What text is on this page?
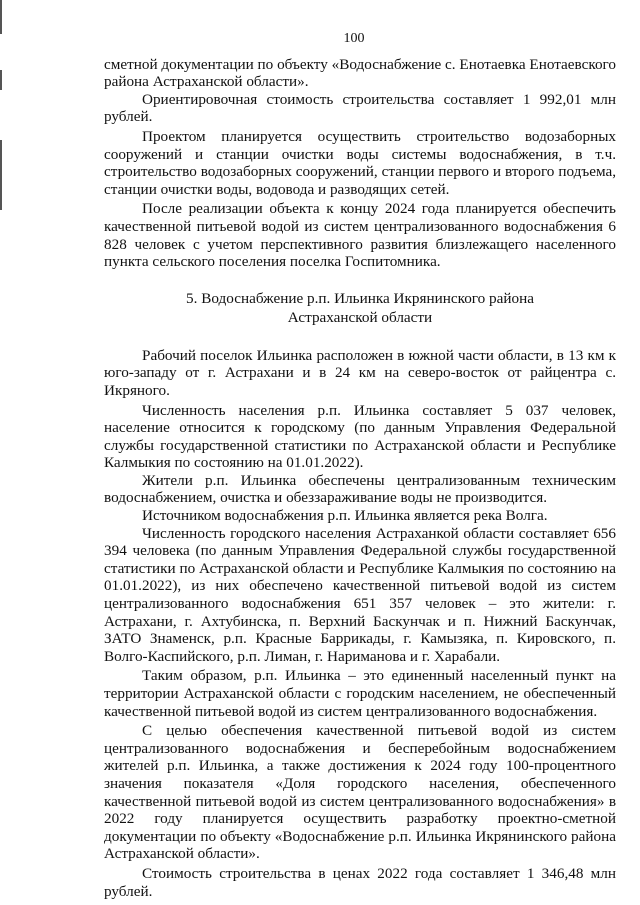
100

сметной документации по объекту «Водоснабжение с. Енотаевка Енотаевского района Астраханской области».

Ориентировочная стоимость строительства составляет 1 992,01 млн рублей.

Проектом планируется осуществить строительство водозаборных сооружений и станции очистки воды системы водоснабжения, в т.ч. строительство водозаборных сооружений, станции первого и второго подъема, станции очистки воды, водовода и разводящих сетей.

После реализации объекта к концу 2024 года планируется обеспечить качественной питьевой водой из систем централизованного водоснабжения 6 828 человек с учетом перспективного развития близлежащего населенного пункта сельского поселения поселка Госпитомника.

5. Водоснабжение р.п. Ильинка Икрянинского района
Астраханской области

Рабочий поселок Ильинка расположен в южной части области, в 13 км к юго-западу от г. Астрахани и в 24 км на северо-восток от райцентра с. Икряного.

Численность населения р.п. Ильинка составляет 5 037 человек, население относится к городскому (по данным Управления Федеральной службы государственной статистики по Астраханской области и Республике Калмыкия по состоянию на 01.01.2022).

Жители р.п. Ильинка обеспечены централизованным техническим водоснабжением, очистка и обеззараживание воды не производится.

Источником водоснабжения р.п. Ильинка является река Волга.

Численность городского населения Астраханкой области составляет 656 394 человека (по данным Управления Федеральной службы государственной статистики по Астраханской области и Республике Калмыкия по состоянию на 01.01.2022), из них обеспечено качественной питьевой водой из систем централизованного водоснабжения 651 357 человек – это жители: г. Астрахани, г. Ахтубинска, п. Верхний Баскунчак и п. Нижний Баскунчак, ЗАТО Знаменск, р.п. Красные Баррикады, г. Камызяка, п. Кировского, п. Волго-Каспийского, р.п. Лиман, г. Нариманова и г. Харабали.

Таким образом, р.п. Ильинка – это единенный населенный пункт на территории Астраханской области с городским населением, не обеспеченный качественной питьевой водой из систем централизованного водоснабжения.

С целью обеспечения качественной питьевой водой из систем централизованного водоснабжения и бесперебойным водоснабжением жителей р.п. Ильинка, а также достижения к 2024 году 100-процентного значения показателя «Доля городского населения, обеспеченного качественной питьевой водой из систем централизованного водоснабжения» в 2022 году планируется осуществить разработку проектно-сметной документации по объекту «Водоснабжение р.п. Ильинка Икрянинского района Астраханской области».

Стоимость строительства в ценах 2022 года составляет 1 346,48 млн рублей.
